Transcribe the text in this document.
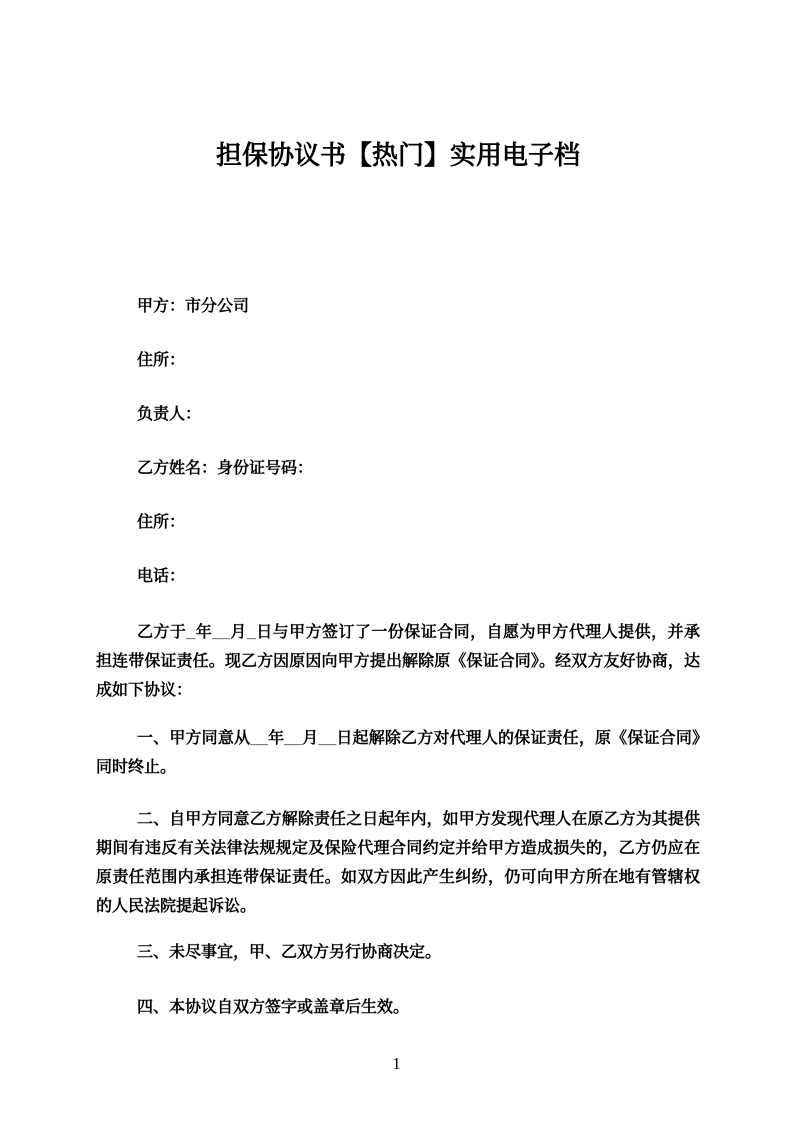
担保协议书【热门】实用电子档
甲方：市分公司
住所：
负责人：
乙方姓名：身份证号码：
住所：
电话：

乙方于_年__月_日与甲方签订了一份保证合同，自愿为甲方代理人提供，并承担连带保证责任。现乙方因原因向甲方提出解除原《保证合同》。经双方友好协商，达成如下协议：

一、甲方同意从__年__月__日起解除乙方对代理人的保证责任，原《保证合同》同时终止。

二、自甲方同意乙方解除责任之日起年内，如甲方发现代理人在原乙方为其提供期间有违反有关法律法规规定及保险代理合同约定并给甲方造成损失的，乙方仍应在原责任范围内承担连带保证责任。如双方因此产生纠纷，仍可向甲方所在地有管辖权的人民法院提起诉讼。

三、未尽事宜，甲、乙双方另行协商决定。

四、本协议自双方签字或盖章后生效。

1
